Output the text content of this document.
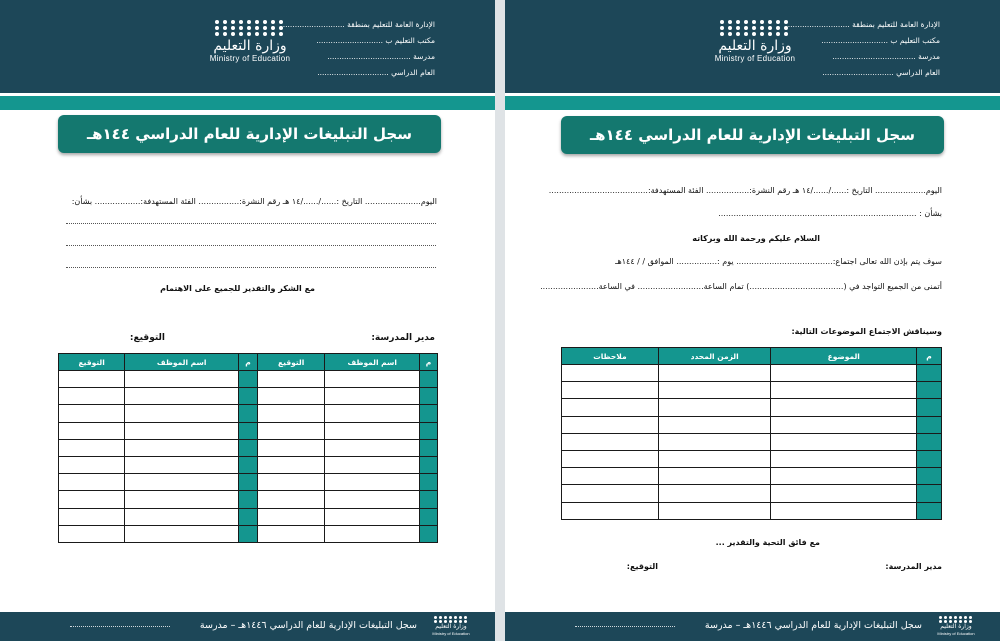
وزارة التعليم
Ministry of Education
الإدارة العامة للتعليم بمنطقة ..........................
مكتب التعليم ب ............................
مدرسة ...................................
العام الدراسي ..............................
سجل التبليغات الإدارية للعام الدراسي ١٤٤هـ
اليوم...................... التاريخ :....../....../١٤ هـ رقم النشرة:................ الفئة المستهدفة:.................. بشأن:
مع الشكر والتقدير للجميع على الاهتمام
مدير المدرسة:
التوقيع:
م	اسم الموظف	التوقيع	م	اسم الموظف	التوقيع

سجل التبليغات الإدارية للعام الدراسي ١٤٤٦هـ – مدرسة	وزارة التعليم
Ministry of Education
وزارة التعليم
Ministry of Education
الإدارة العامة للتعليم بمنطقة ..........................
مكتب التعليم ب ............................
مدرسة ...................................
العام الدراسي ..............................
سجل التبليغات الإدارية للعام الدراسي ١٤٤هـ
اليوم.................... التاريخ :....../....../١٤ هـ رقم النشرة:................. الفئة المستهدفة:.......................................
بشأن : ..............................................................................
السلام عليكم ورحمة الله وبركاته
سوف يتم بإذن الله تعالى اجتماع:...................................... يوم :................ الموافق / / ١٤٤هـ
أتمنى من الجميع التواجد في (.....................................) تمام الساعة.......................... في الساعة.......................
وسيناقش الاجتماع الموضوعات التالية:
م	الموضوع	الزمن المحدد	ملاحظات

مع فائق التحية والتقدير ...
مدير المدرسة:
التوقيع:
سجل التبليغات الإدارية للعام الدراسي ١٤٤٦هـ – مدرسة	وزارة التعليم
Ministry of Education
